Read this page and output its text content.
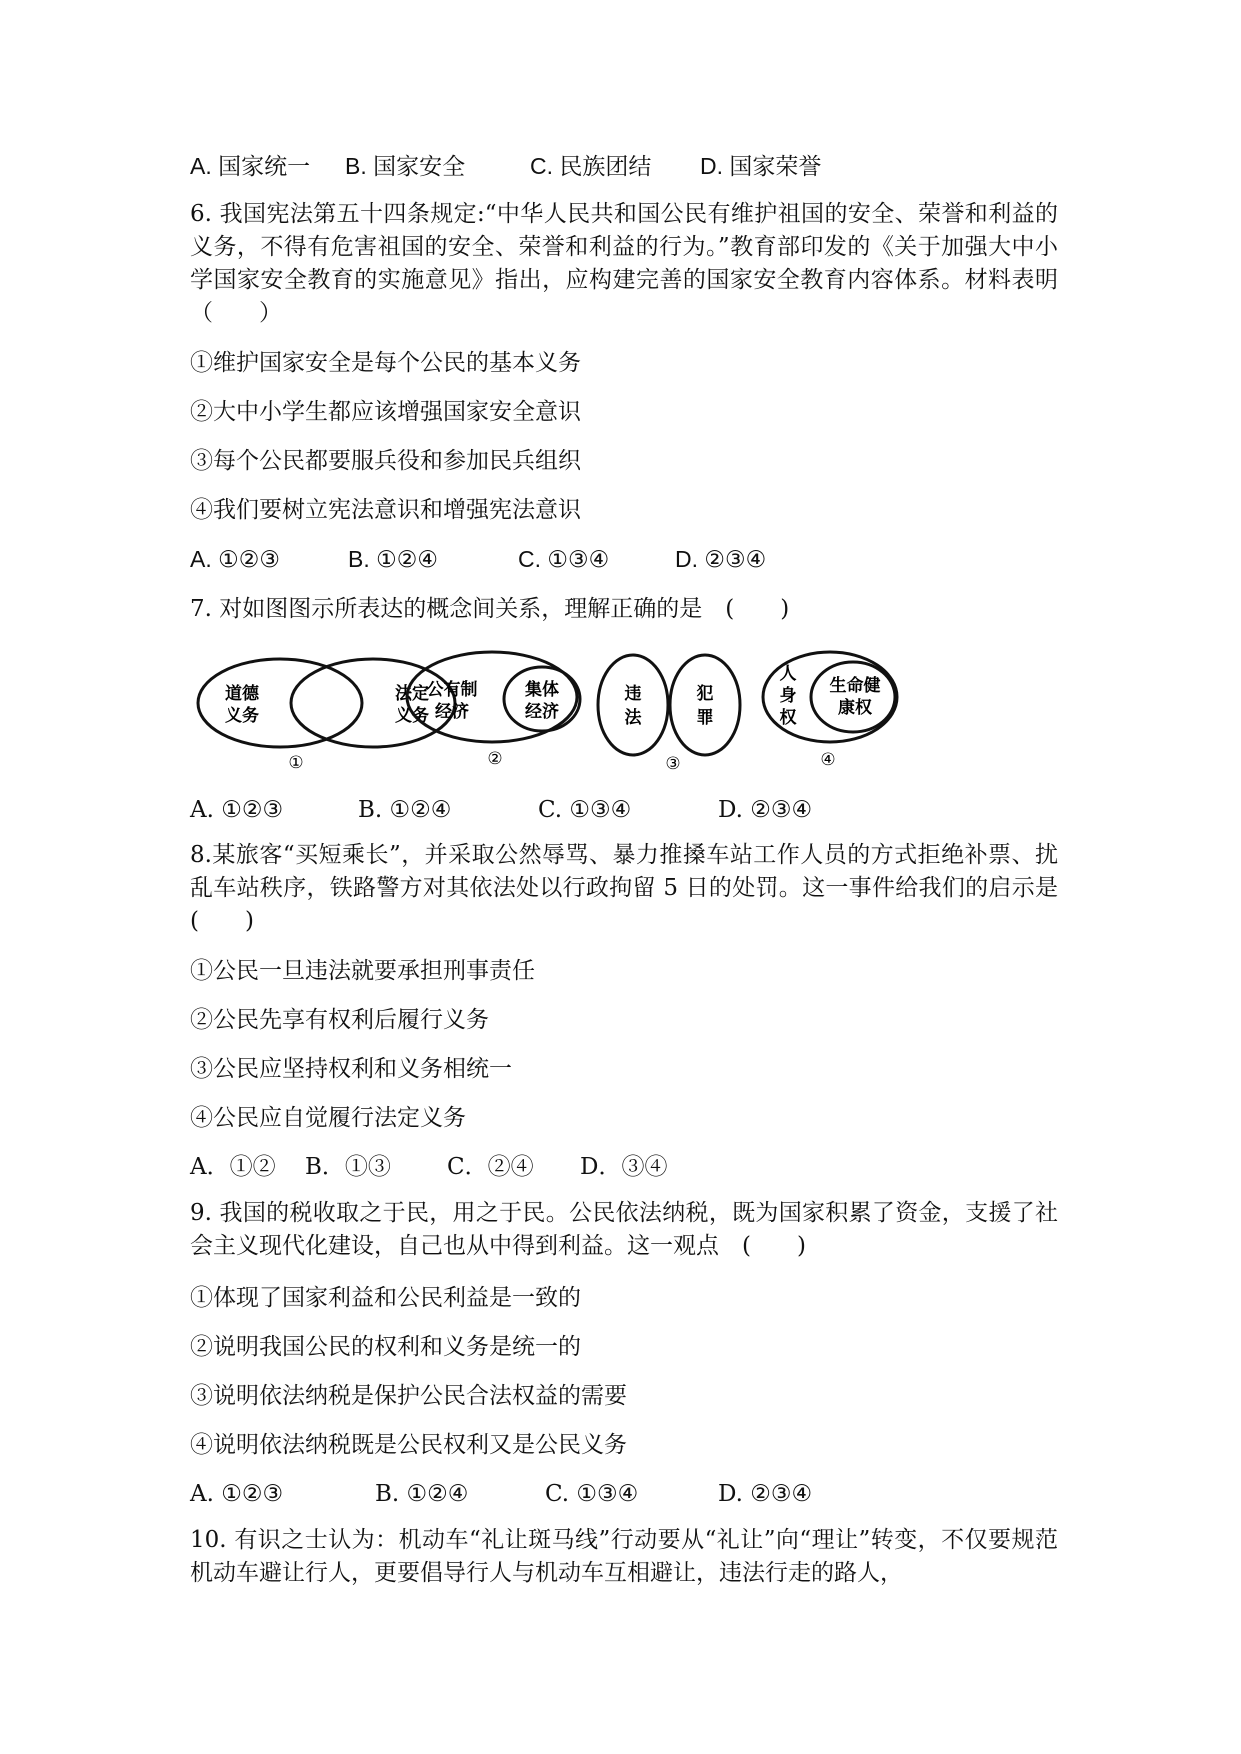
A. 国家统一 B. 国家安全	C. 民族团结 D. 国家荣誉
6. 我国宪法第五十四条规定:“中华人民共和国公民有维护祖国的安全、荣誉和利益的义务，不得有危害祖国的安全、荣誉和利益的行为。”教育部印发的《关于加强大中小学国家安全教育的实施意见》指出，应构建完善的国家安全教育内容体系。材料表明（　　）
①维护国家安全是每个公民的基本义务
②大中小学生都应该增强国家安全意识
③每个公民都要服兵役和参加民兵组织
④我们要树立宪法意识和增强宪法意识
A. ①②③	B. ①②④	C. ①③④	D. ②③④
7. 对如图图示所表达的概念间关系，理解正确的是　(　　)
道德
义务
法定
义务
①
公有制
经济
集体
经济
②
违
法
犯
罪
③
人
身
权
生命健
康权
④
A. ①②③	B. ①②④	C. ①③④	D. ②③④
8.某旅客“买短乘长”，并采取公然辱骂、暴力推搡车站工作人员的方式拒绝补票、扰乱车站秩序，铁路警方对其依法处以行政拘留 5 日的处罚。这一事件给我们的启示是(　　)
①公民一旦违法就要承担刑事责任
②公民先享有权利后履行义务
③公民应坚持权利和义务相统一
④公民应自觉履行法定义务
A．①② B．①③ C．②④ D．③④
9. 我国的税收取之于民，用之于民。公民依法纳税，既为国家积累了资金，支援了社会主义现代化建设，自己也从中得到利益。这一观点　(　　)
①体现了国家利益和公民利益是一致的
②说明我国公民的权利和义务是统一的
③说明依法纳税是保护公民合法权益的需要
④说明依法纳税既是公民权利又是公民义务
A. ①②③	B. ①②④	C. ①③④	D. ②③④
10. 有识之士认为：机动车“礼让斑马线”行动要从“礼让”向“理让”转变，不仅要规范机动车避让行人，更要倡导行人与机动车互相避让，违法行走的路人，
